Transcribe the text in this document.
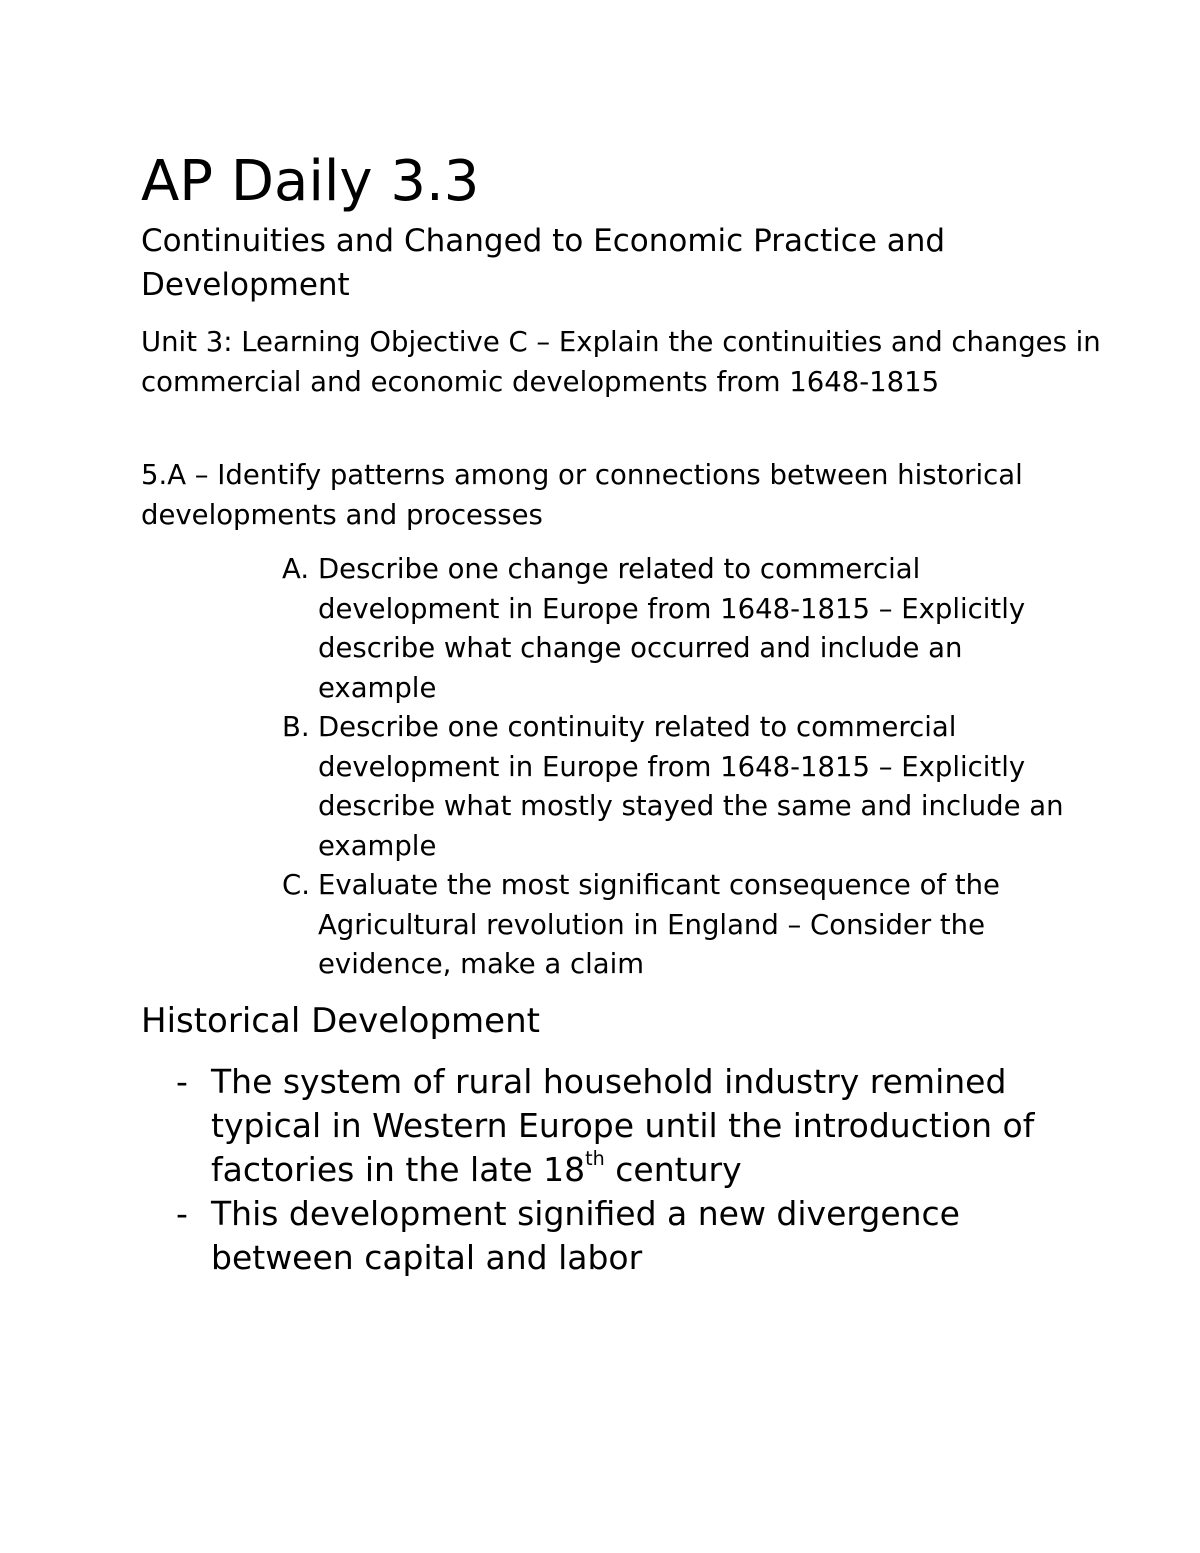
AP Daily 3.3
Continuities and Changed to Economic Practice and Development

Unit 3: Learning Objective C – Explain the continuities and changes in commercial and economic developments from 1648-1815

5.A – Identify patterns among or connections between historical developments and processes

A. Describe one change related to commercial development in Europe from 1648-1815 – Explicitly describe what change occurred and include an example
B. Describe one continuity related to commercial development in Europe from 1648-1815 – Explicitly describe what mostly stayed the same and include an example
C. Evaluate the most significant consequence of the Agricultural revolution in England – Consider the evidence, make a claim
Historical Development
- The system of rural household industry remined typical in Western Europe until the introduction of factories in the late 18th century
- This development signified a new divergence between capital and labor
